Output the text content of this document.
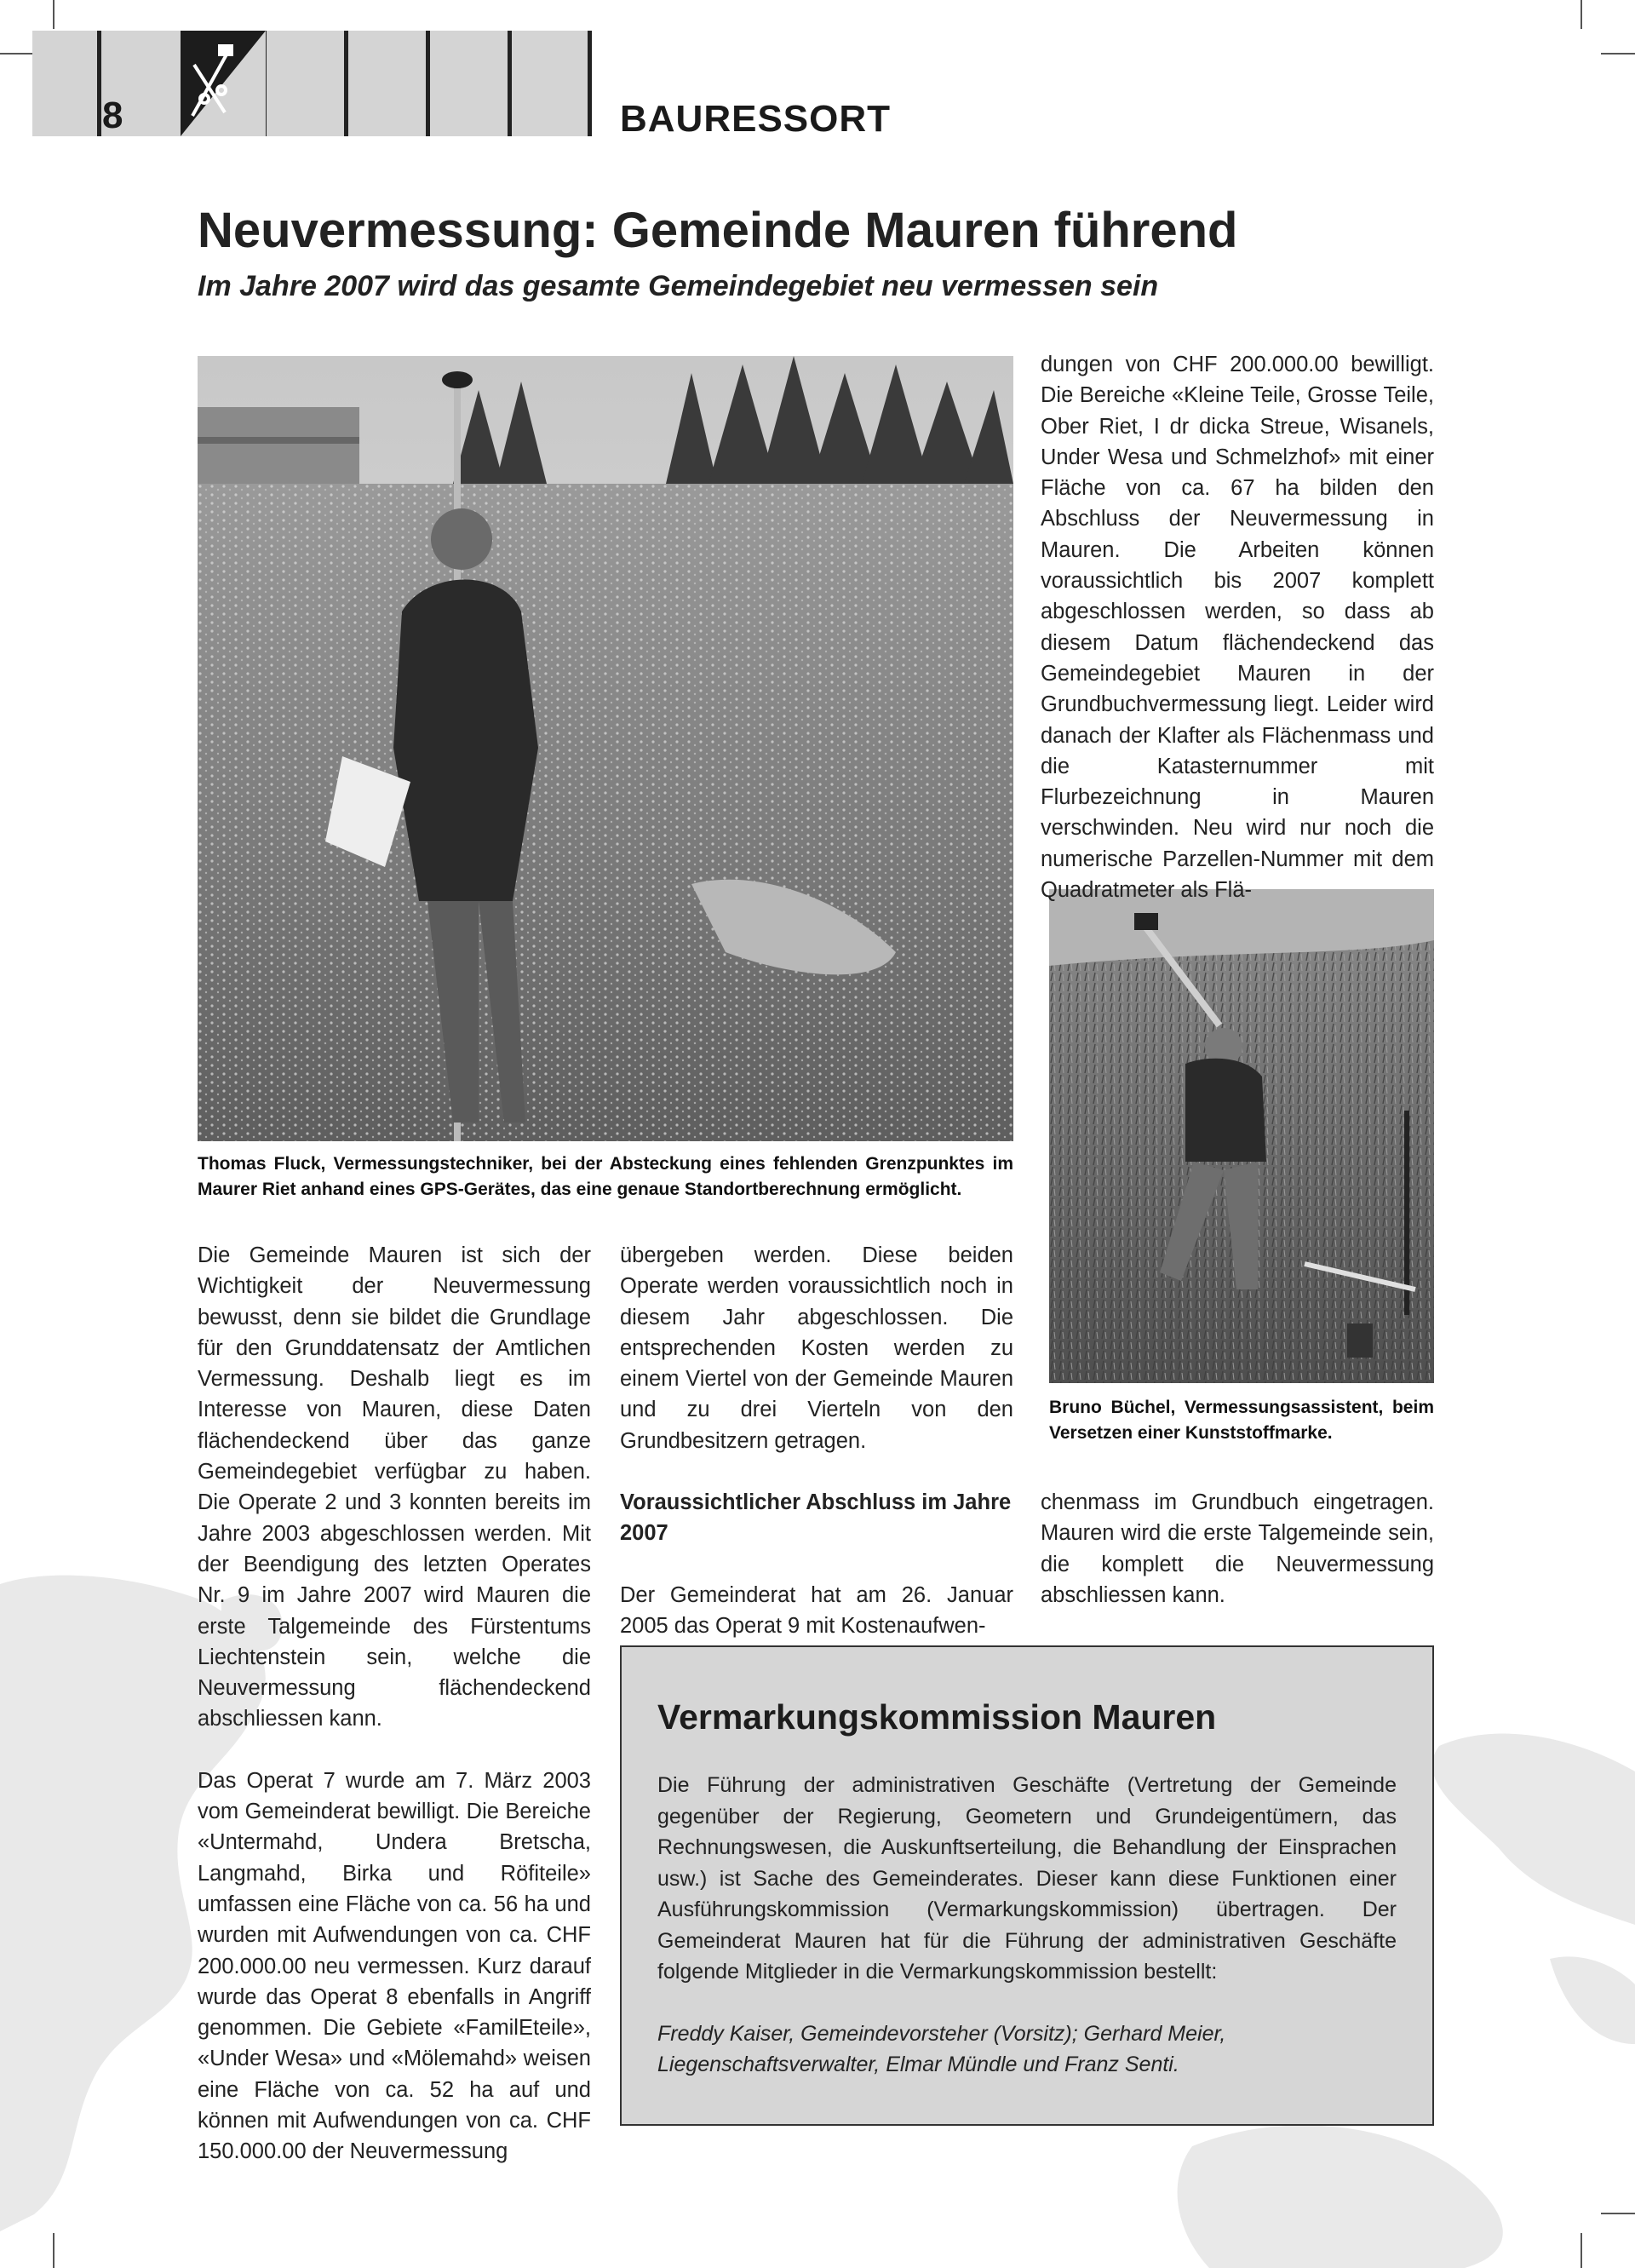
8	BAURESSORT
Neuvermessung: Gemeinde Mauren führend
Im Jahre 2007 wird das gesamte Gemeindegebiet neu vermessen sein
Thomas Fluck, Vermessungstechniker, bei der Absteckung eines fehlenden Grenzpunktes im Maurer Riet anhand eines GPS-Gerätes, das eine genaue Standortberechnung ermöglicht.
Bruno Büchel, Vermessungsassistent, beim Versetzen einer Kunststoffmarke.

Die Gemeinde Mauren ist sich der Wichtigkeit der Neuvermessung bewusst, denn sie bildet die Grundlage für den Grunddatensatz der Amtlichen Vermessung. Deshalb liegt es im Interesse von Mauren, diese Daten flächendeckend über das ganze Gemeindegebiet verfügbar zu haben. Die Operate 2 und 3 konnten bereits im Jahre 2003 abgeschlossen werden. Mit der Beendigung des letzten Operates Nr. 9 im Jahre 2007 wird Mauren die erste Talgemeinde des Fürstentums Liechtenstein sein, welche die Neuvermessung flächendeckend abschliessen kann.

Das Operat 7 wurde am 7. März 2003 vom Gemeinderat bewilligt. Die Bereiche «Untermahd, Undera Bretscha, Langmahd, Birka und Röfiteile» umfassen eine Fläche von ca. 56 ha und wurden mit Aufwendungen von ca. CHF 200.000.00 neu vermessen. Kurz darauf wurde das Operat 8 ebenfalls in Angriff genommen. Die Gebiete «FamilEteile», «Under Wesa» und «Mölemahd» weisen eine Fläche von ca. 52 ha auf und können mit Aufwendungen von ca. CHF 150.000.00 der Neuvermessung

übergeben werden. Diese beiden Operate werden voraussichtlich noch in diesem Jahr abgeschlossen. Die entsprechenden Kosten werden zu einem Viertel von der Gemeinde Mauren und zu drei Vierteln von den Grundbesitzern getragen.

Voraussichtlicher Abschluss im Jahre 2007

Der Gemeinderat hat am 26. Januar 2005 das Operat 9 mit Kostenaufwen-

dungen von CHF 200.000.00 bewilligt. Die Bereiche «Kleine Teile, Grosse Teile, Ober Riet, I dr dicka Streue, Wisanels, Under Wesa und Schmelzhof» mit einer Fläche von ca. 67 ha bilden den Abschluss der Neuvermessung in Mauren. Die Arbeiten können voraussichtlich bis 2007 komplett abgeschlossen werden, so dass ab diesem Datum flächendeckend das Gemeindegebiet Mauren in der Grundbuchvermessung liegt. Leider wird danach der Klafter als Flächenmass und die Katasternummer mit Flurbezeichnung in Mauren verschwinden. Neu wird nur noch die numerische Parzellen-Nummer mit dem Quadratmeter als Flä-

chenmass im Grundbuch eingetragen. Mauren wird die erste Talgemeinde sein, die komplett die Neuvermessung abschliessen kann.

Vermarkungskommission Mauren

Die Führung der administrativen Geschäfte (Vertretung der Gemeinde gegenüber der Regierung, Geometern und Grundeigentümern, das Rechnungswesen, die Auskunftserteilung, die Behandlung der Einsprachen usw.) ist Sache des Gemeinderates. Dieser kann diese Funktionen einer Ausführungskommission (Vermarkungskommission) übertragen. Der Gemeinderat Mauren hat für die Führung der administrativen Geschäfte folgende Mitglieder in die Vermarkungskommission bestellt:

Freddy Kaiser, Gemeindevorsteher (Vorsitz); Gerhard Meier, Liegenschaftsverwalter, Elmar Mündle und Franz Senti.
